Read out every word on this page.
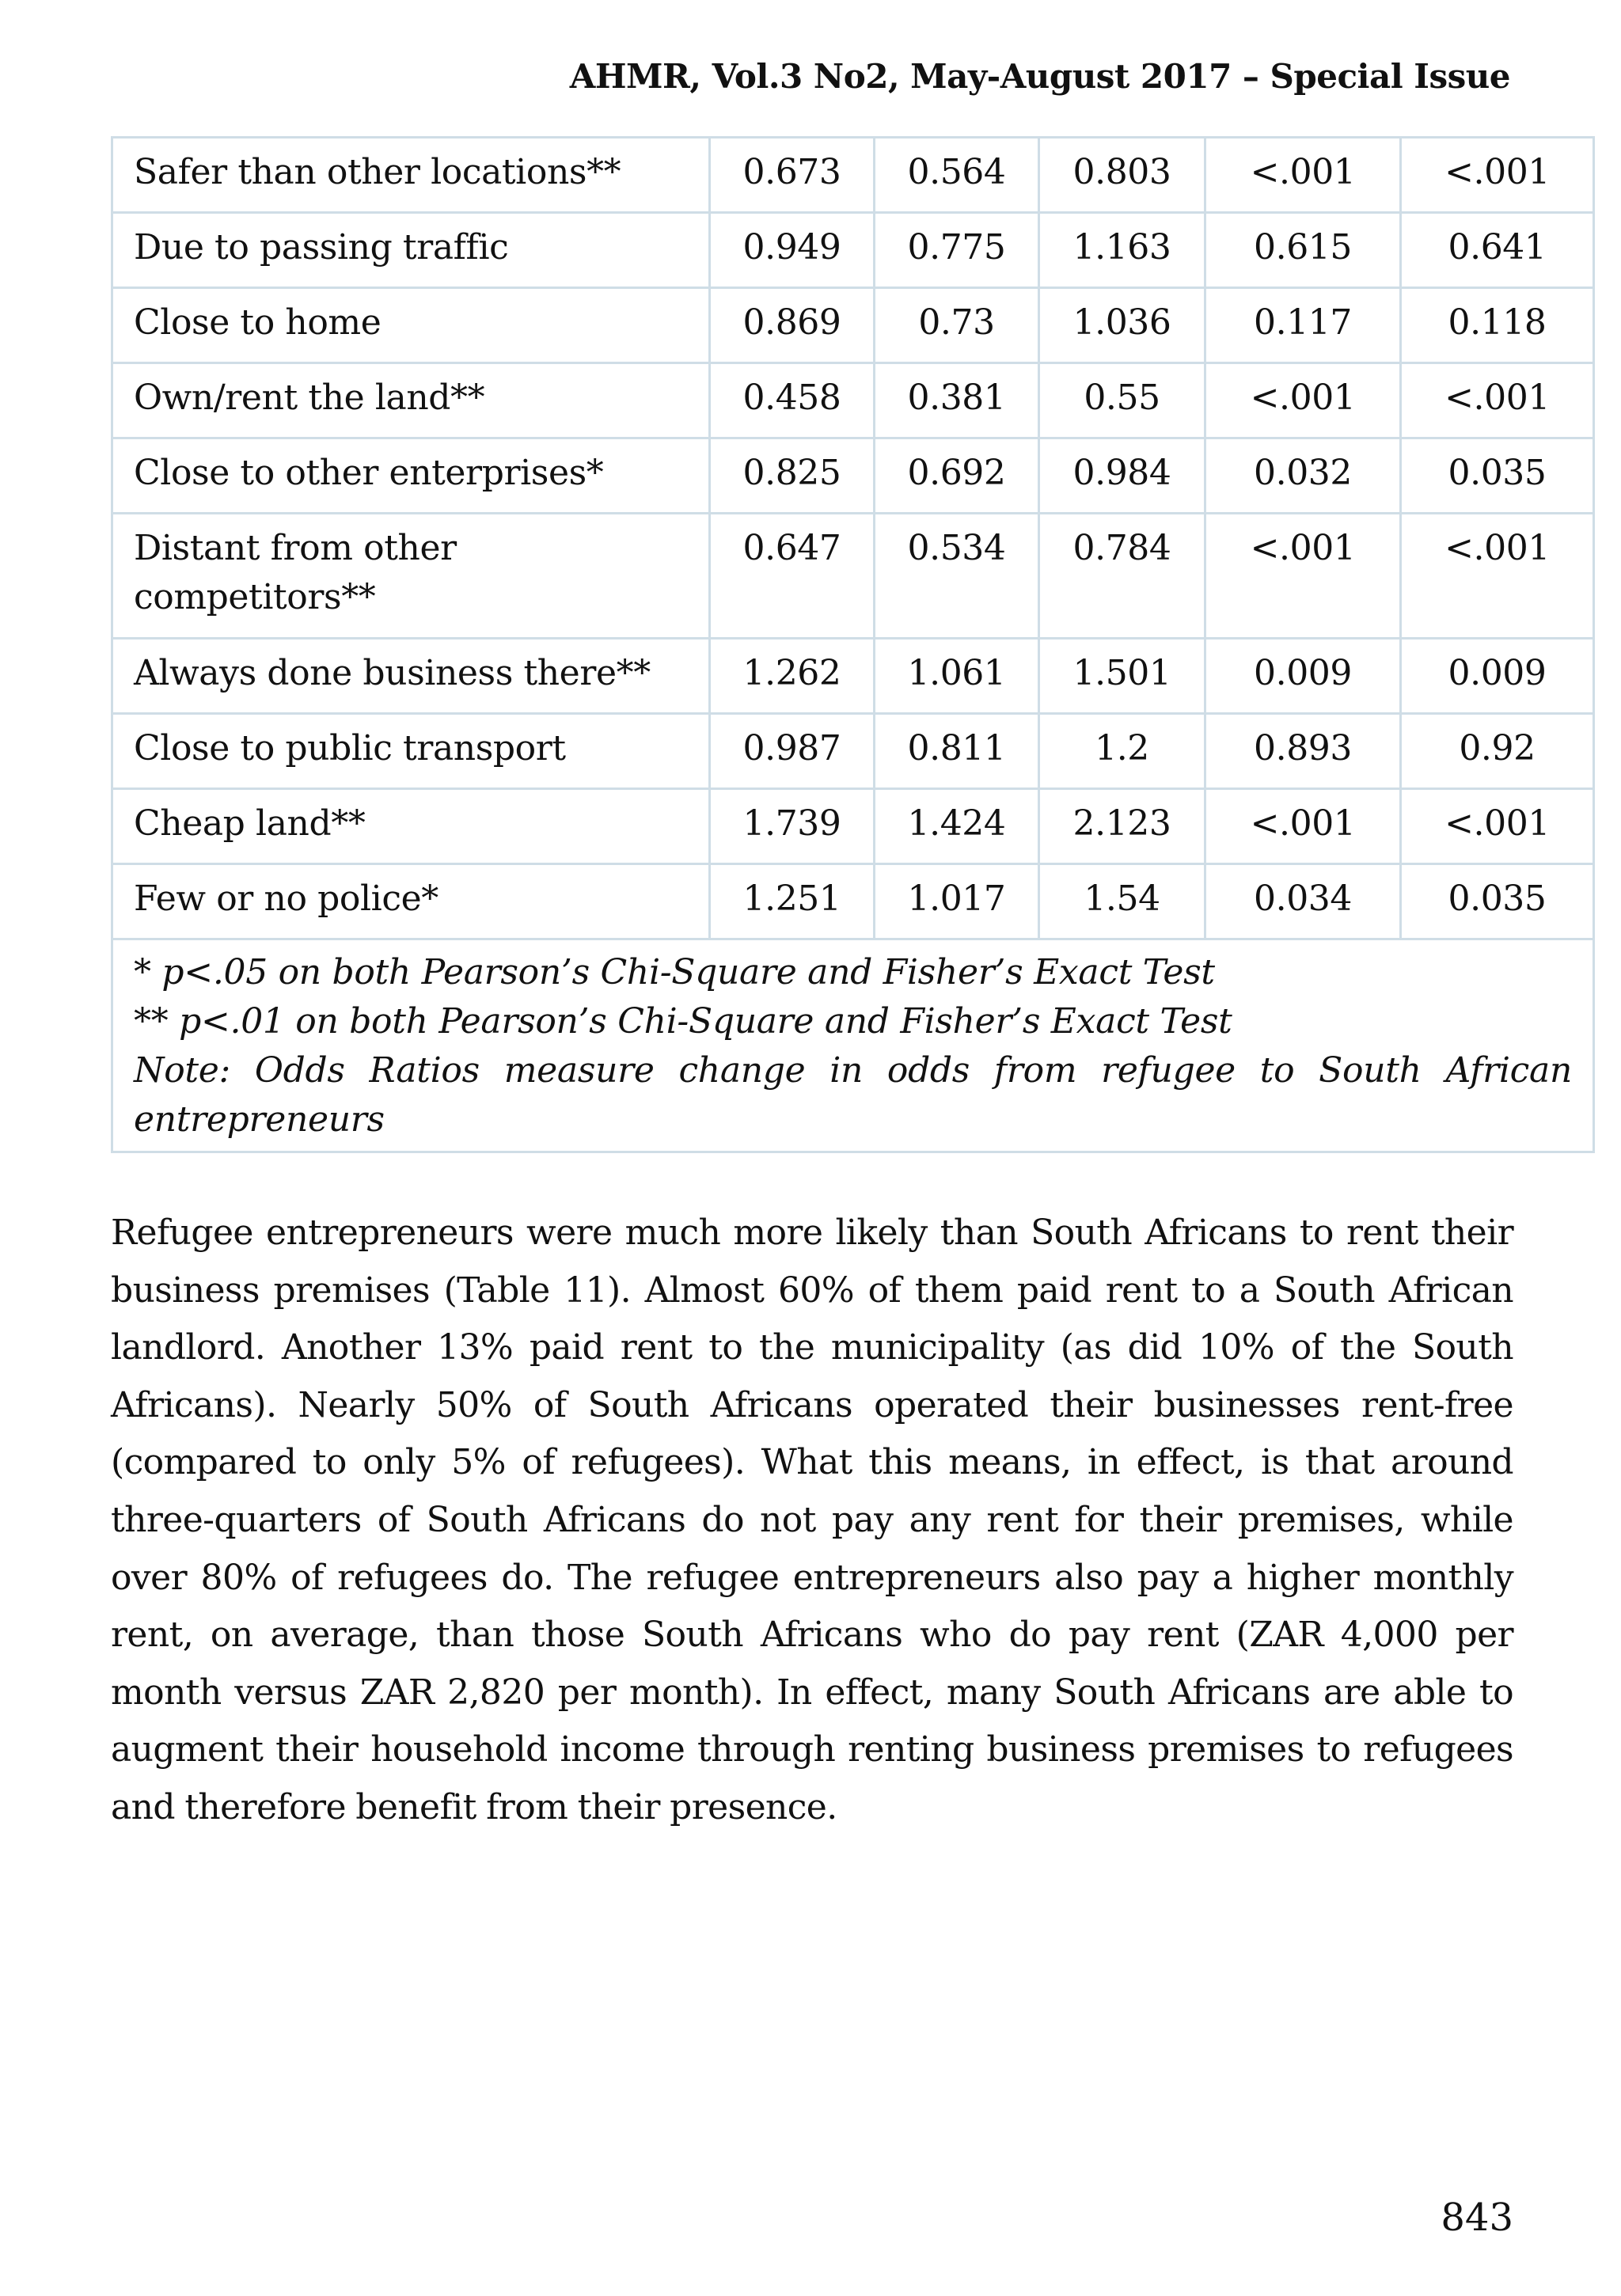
AHMR, Vol.3 No2, May-August 2017 – Special Issue
Safer than other locations**	0.673	0.564	0.803	<.001	<.001
Due to passing traffic	0.949	0.775	1.163	0.615	0.641
Close to home	0.869	0.73	1.036	0.117	0.118
Own/rent the land**	0.458	0.381	0.55	<.001	<.001
Close to other enterprises*	0.825	0.692	0.984	0.032	0.035
Distant from other competitors**	0.647	0.534	0.784	<.001	<.001
Always done business there**	1.262	1.061	1.501	0.009	0.009
Close to public transport	0.987	0.811	1.2	0.893	0.92
Cheap land**	1.739	1.424	2.123	<.001	<.001
Few or no police*	1.251	1.017	1.54	0.034	0.035

* p<.05 on both Pearson’s Chi-Square and Fisher’s Exact Test
** p<.01 on both Pearson’s Chi-Square and Fisher’s Exact Test
Note: Odds Ratios measure change in odds from refugee to South African entrepreneurs					

Refugee entrepreneurs were much more likely than South Africans to rent their business premises (Table 11). Almost 60% of them paid rent to a South African landlord. Another 13% paid rent to the municipality (as did 10% of the South Africans). Nearly 50% of South Africans operated their businesses rent-free (compared to only 5% of refugees). What this means, in effect, is that around three-quarters of South Africans do not pay any rent for their premises, while over 80% of refugees do. The refugee entrepreneurs also pay a higher monthly rent, on average, than those South Africans who do pay rent (ZAR 4,000 per month versus ZAR 2,820 per month). In effect, many South Africans are able to augment their household income through renting business premises to refugees and therefore benefit from their presence.

843
